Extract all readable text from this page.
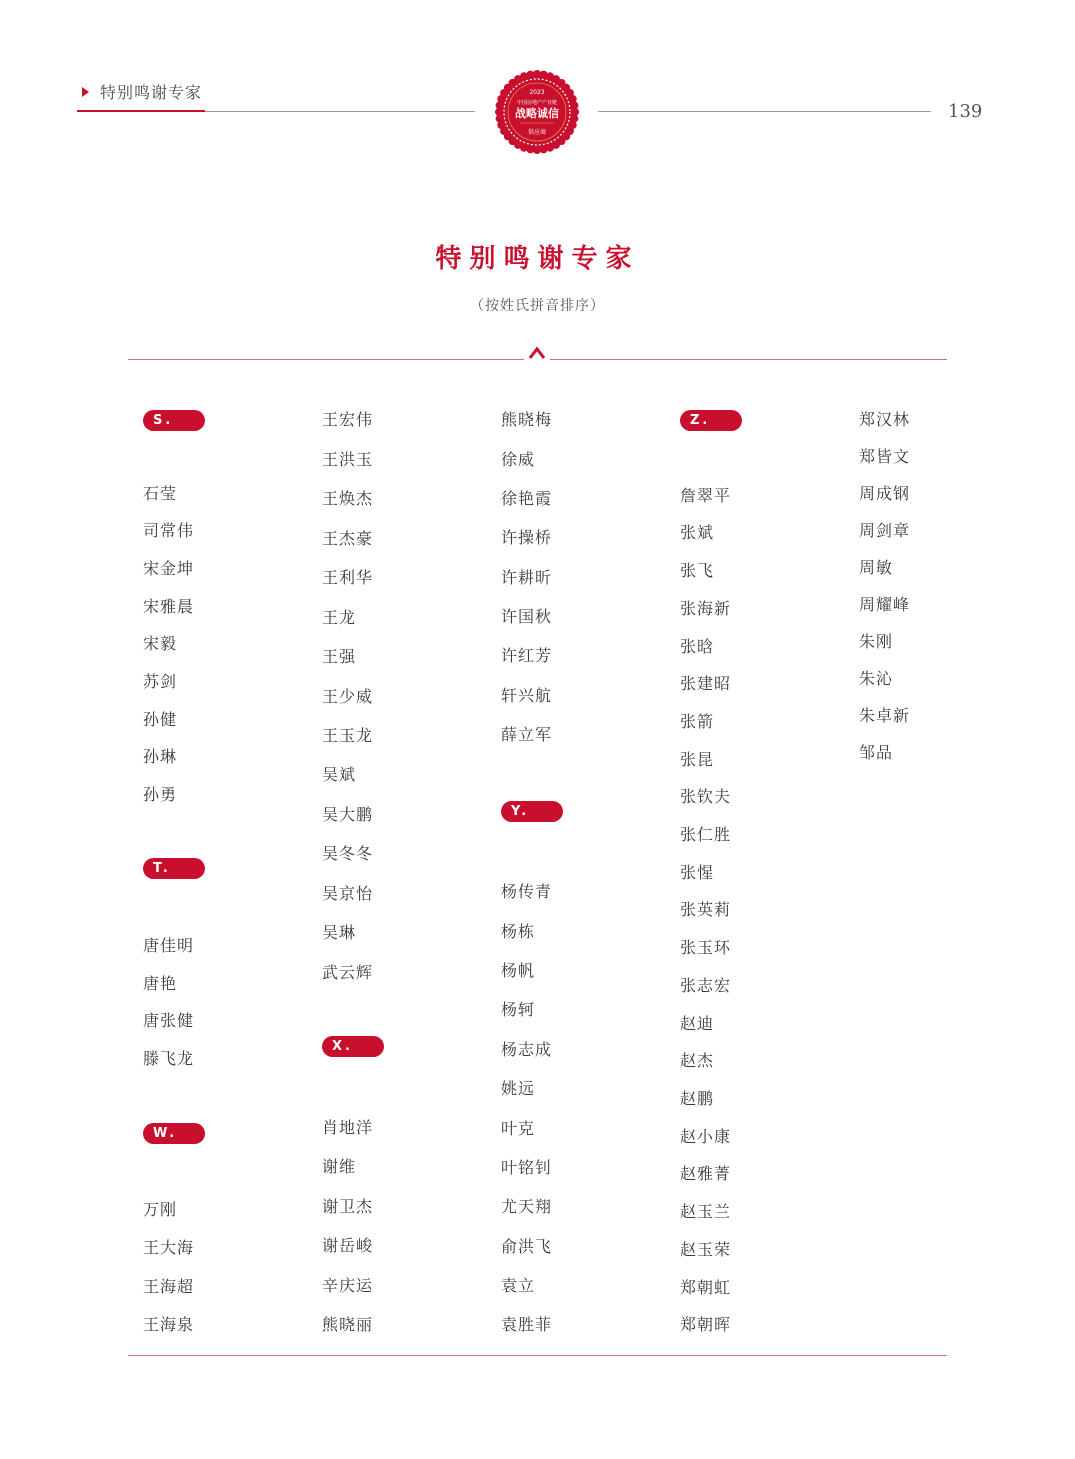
特别鸣谢专家
139
2023
中国房地产产业链
战略诚信
供应商
特别鸣谢专家
（按姓氏拼音排序）
S.
T.
W.
石莹
司常伟
宋金坤
宋雅晨
宋毅
苏剑
孙健
孙琳
孙勇
唐佳明
唐艳
唐张健
滕飞龙
万刚
王大海
王海超
王海泉
X.
王宏伟
王洪玉
王焕杰
王杰豪
王利华
王龙
王强
王少威
王玉龙
吴斌
吴大鹏
吴冬冬
吴京怡
吴琳
武云辉
肖地洋
谢维
谢卫杰
谢岳峻
辛庆运
熊晓丽
Y.
熊晓梅
徐威
徐艳霞
许操桥
许耕昕
许国秋
许红芳
轩兴航
薛立军
杨传青
杨栋
杨帆
杨轲
杨志成
姚远
叶克
叶铭钊
尤天翔
俞洪飞
袁立
袁胜菲
Z.
詹翠平
张斌
张飞
张海新
张晗
张建昭
张箭
张昆
张钦夫
张仁胜
张惺
张英莉
张玉环
张志宏
赵迪
赵杰
赵鹏
赵小康
赵雅菁
赵玉兰
赵玉荣
郑朝虹
郑朝晖
郑汉林
郑皆文
周成钢
周剑章
周敏
周耀峰
朱刚
朱沁
朱卓新
邹品
